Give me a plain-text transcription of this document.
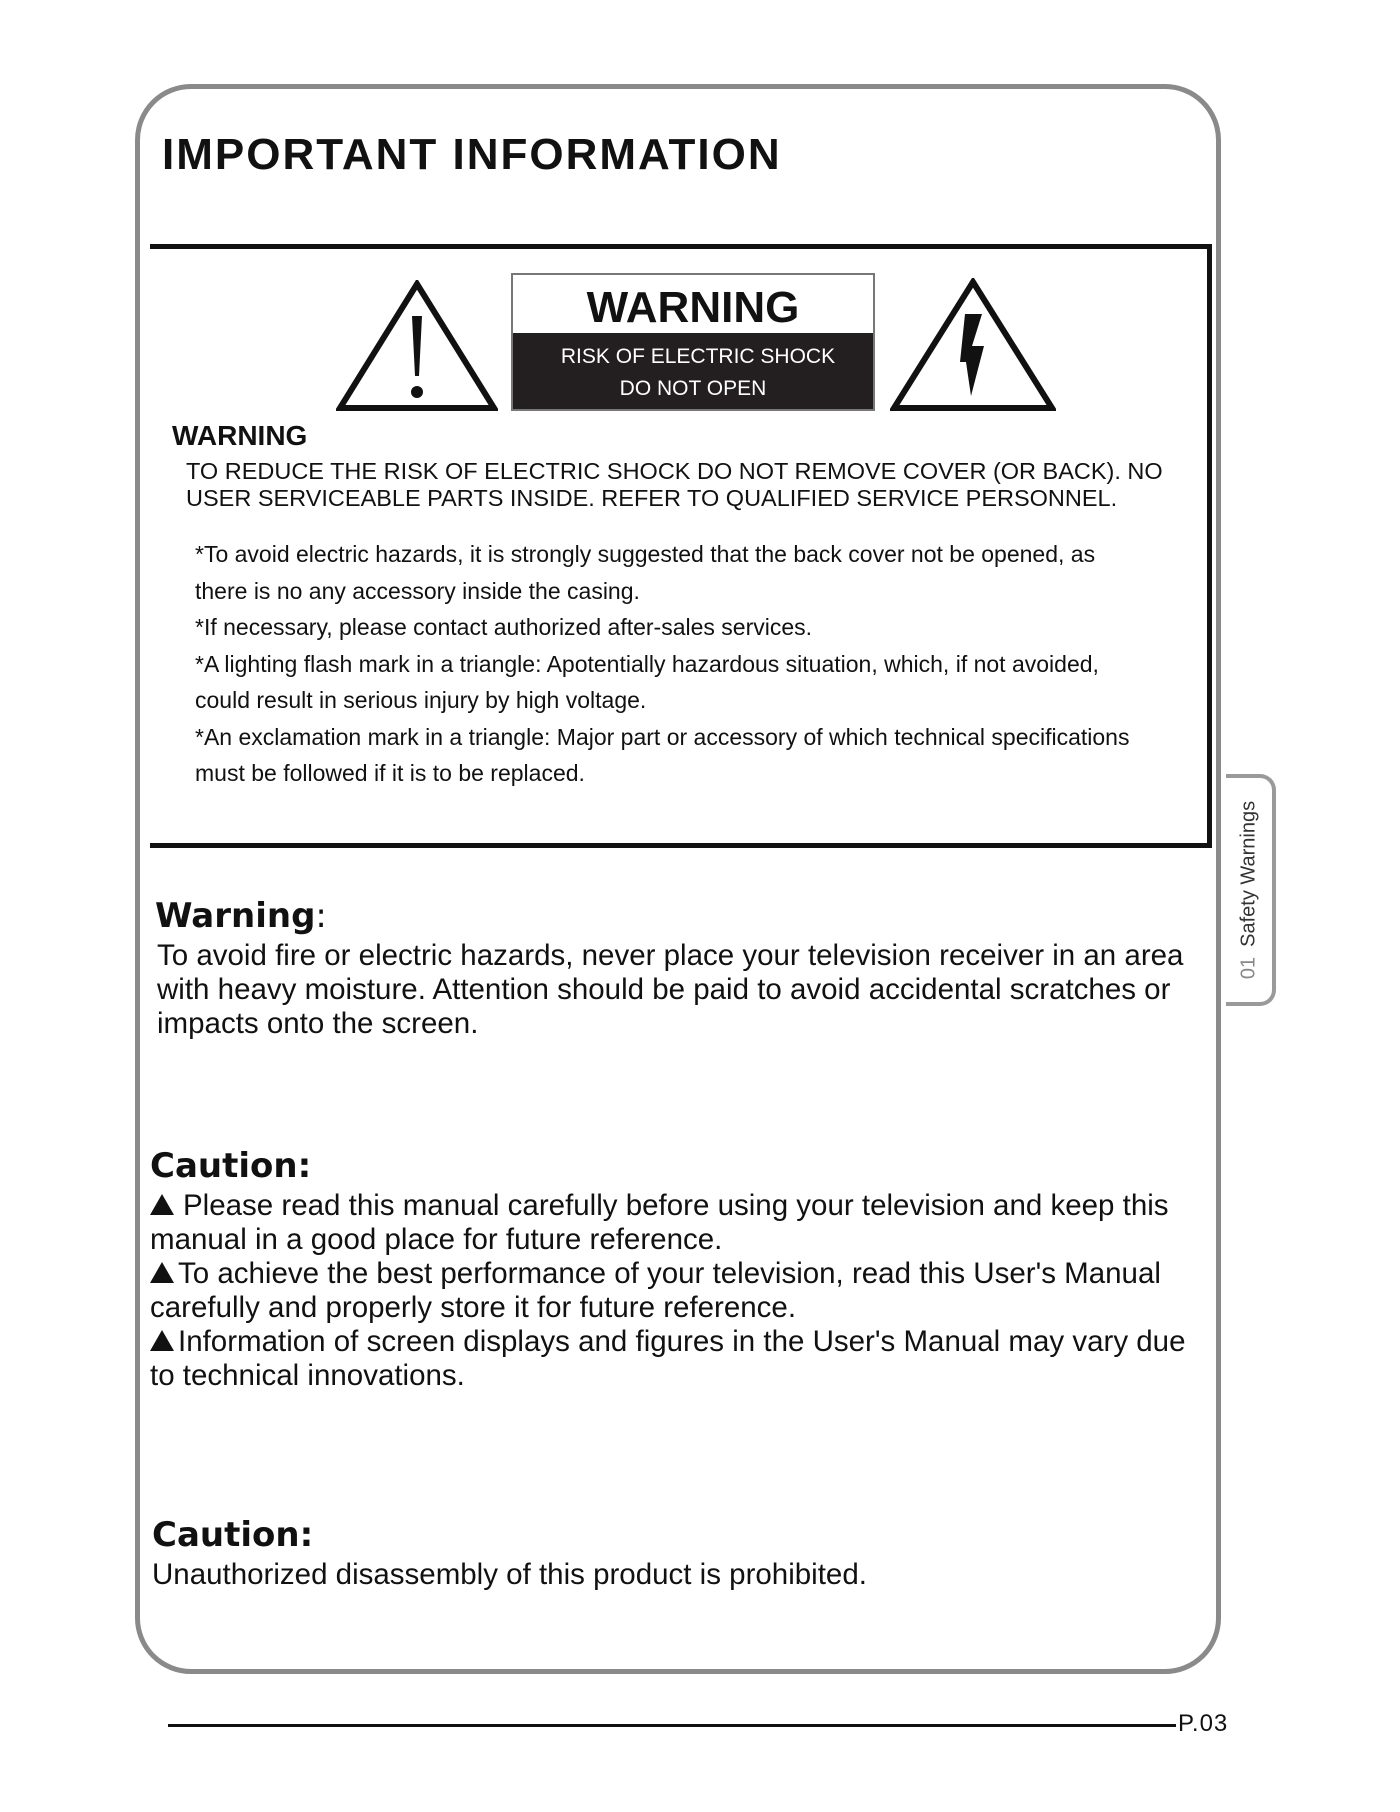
IMPORTANT INFORMATION
WARNING
RISK OF ELECTRIC SHOCK
DO NOT OPEN
WARNING
TO REDUCE THE RISK OF ELECTRIC SHOCK DO NOT REMOVE COVER (OR BACK). NO
USER SERVICEABLE PARTS INSIDE. REFER TO QUALIFIED SERVICE PERSONNEL.
*To avoid electric hazards, it is strongly suggested that the back cover not be opened, as
there is no any accessory inside the casing.
*If necessary, please contact authorized after-sales services.
*A lighting flash mark in a triangle: Apotentially hazardous situation, which, if not avoided,
could result in serious injury by high voltage.
*An exclamation mark in a triangle: Major part or accessory of which technical specifications
must be followed if it is to be replaced.
Warning:
To avoid fire or electric hazards, never place your television receiver in an area
with heavy moisture. Attention should be paid to avoid accidental scratches or
impacts onto the screen.
Caution:

Please read this manual carefully before using your television and keep this

manual in a good place for future reference.

To achieve the best performance of your television, read this User's Manual

carefully and properly store it for future reference.

Information of screen displays and figures in the User's Manual may vary due

to technical innovations.

Caution:
Unauthorized disassembly of this product is prohibited.
01Safety Warnings
P.03
